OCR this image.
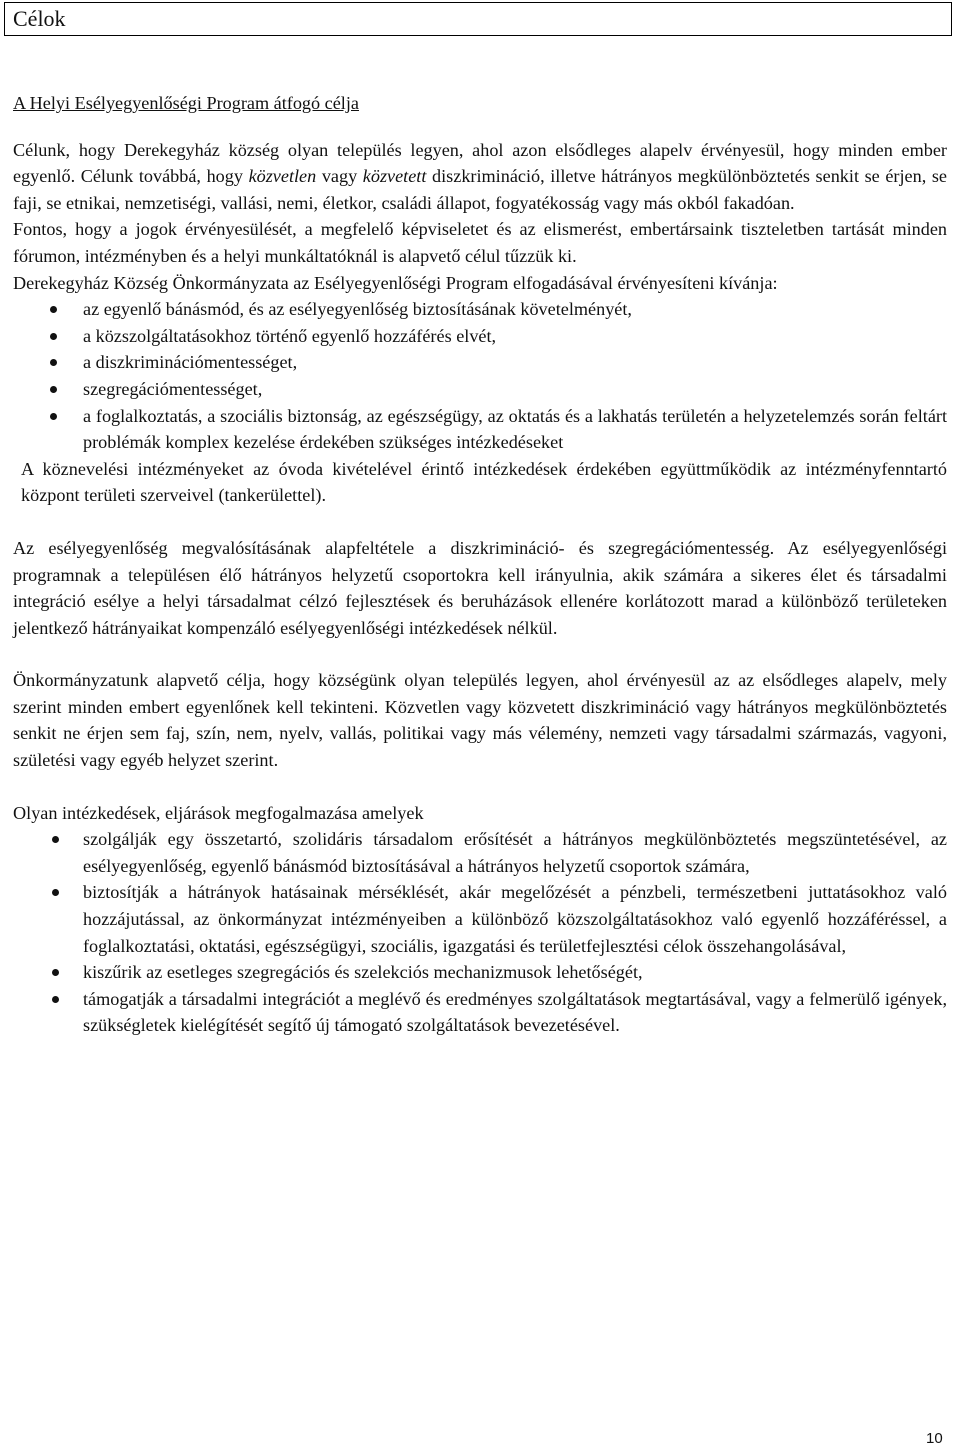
Célok

A Helyi Esélyegyenlőségi Program átfogó célja

Célunk, hogy Derekegyház község olyan település legyen, ahol azon elsődleges alapelv érvényesül, hogy minden ember egyenlő. Célunk továbbá, hogy közvetlen vagy közvetett diszkrimináció, illetve hátrányos megkülönböztetés senkit se érjen, se faji, se etnikai, nemzetiségi, vallási, nemi, életkor, családi állapot, fogyatékosság vagy más okból fakadóan.

Fontos, hogy a jogok érvényesülését, a megfelelő képviseletet és az elismerést, embertársaink tiszteletben tartását minden fórumon, intézményben és a helyi munkáltatóknál is alapvető célul tűzzük ki.

Derekegyház Község Önkormányzata az Esélyegyenlőségi Program elfogadásával érvényesíteni kívánja:

az egyenlő bánásmód, és az esélyegyenlőség biztosításának követelményét,
a közszolgáltatásokhoz történő egyenlő hozzáférés elvét,
a diszkriminációmentességet,
szegregációmentességet,
a foglalkoztatás, a szociális biztonság, az egészségügy, az oktatás és a lakhatás területén a helyzetelemzés során feltárt problémák komplex kezelése érdekében szükséges intézkedéseket

A köznevelési intézményeket az óvoda kivételével érintő intézkedések érdekében együttműködik az intézményfenntartó központ területi szerveivel (tankerülettel).

Az esélyegyenlőség megvalósításának alapfeltétele a diszkrimináció- és szegregációmentesség. Az esélyegyenlőségi programnak a településen élő hátrányos helyzetű csoportokra kell irányulnia, akik számára a sikeres élet és társadalmi integráció esélye a helyi társadalmat célzó fejlesztések és beruházások ellenére korlátozott marad a különböző területeken jelentkező hátrányaikat kompenzáló esélyegyenlőségi intézkedések nélkül.

Önkormányzatunk alapvető célja, hogy községünk olyan település legyen, ahol érvényesül az az elsődleges alapelv, mely szerint minden embert egyenlőnek kell tekinteni. Közvetlen vagy közvetett diszkrimináció vagy hátrányos megkülönböztetés senkit ne érjen sem faj, szín, nem, nyelv, vallás, politikai vagy más vélemény, nemzeti vagy társadalmi származás, vagyoni, születési vagy egyéb helyzet szerint.

Olyan intézkedések, eljárások megfogalmazása amelyek

szolgálják egy összetartó, szolidáris társadalom erősítését a hátrányos megkülönböztetés megszüntetésével, az esélyegyenlőség, egyenlő bánásmód biztosításával a hátrányos helyzetű csoportok számára,
biztosítják a hátrányok hatásainak mérséklését, akár megelőzését a pénzbeli, természetbeni juttatásokhoz való hozzájutással, az önkormányzat intézményeiben a különböző közszolgáltatásokhoz való egyenlő hozzáféréssel, a foglalkoztatási, oktatási, egészségügyi, szociális, igazgatási és területfejlesztési célok összehangolásával,
kiszűrik az esetleges szegregációs és szelekciós mechanizmusok lehetőségét,
támogatják a társadalmi integrációt a meglévő és eredményes szolgáltatások megtartásával, vagy a felmerülő igények, szükségletek kielégítését segítő új támogató szolgáltatások bevezetésével.
10
